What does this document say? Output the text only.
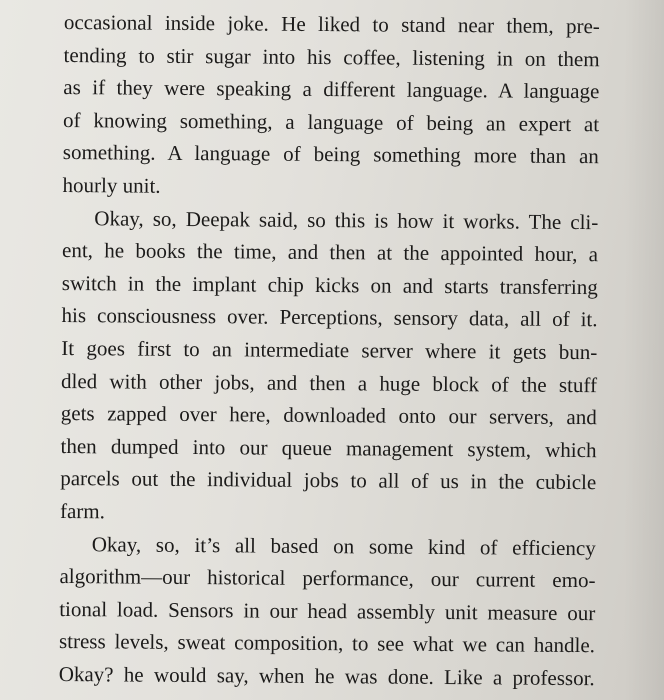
occasional inside joke. He liked to stand near them, pre-
tending to stir sugar into his coffee, listening in on them
as if they were speaking a different language. A language
of knowing something, a language of being an expert at
something. A language of being something more than an
hourly unit.
Okay, so, Deepak said, so this is how it works. The cli-
ent, he books the time, and then at the appointed hour, a
switch in the implant chip kicks on and starts transferring
his consciousness over. Perceptions, sensory data, all of it.
It goes first to an intermediate server where it gets bun-
dled with other jobs, and then a huge block of the stuff
gets zapped over here, downloaded onto our servers, and
then dumped into our queue management system, which
parcels out the individual jobs to all of us in the cubicle
farm.
Okay, so, it’s all based on some kind of efficiency
algorithm—our historical performance, our current emo-
tional load. Sensors in our head assembly unit measure our
stress levels, sweat composition, to see what we can handle.
Okay? he would say, when he was done. Like a professor.
